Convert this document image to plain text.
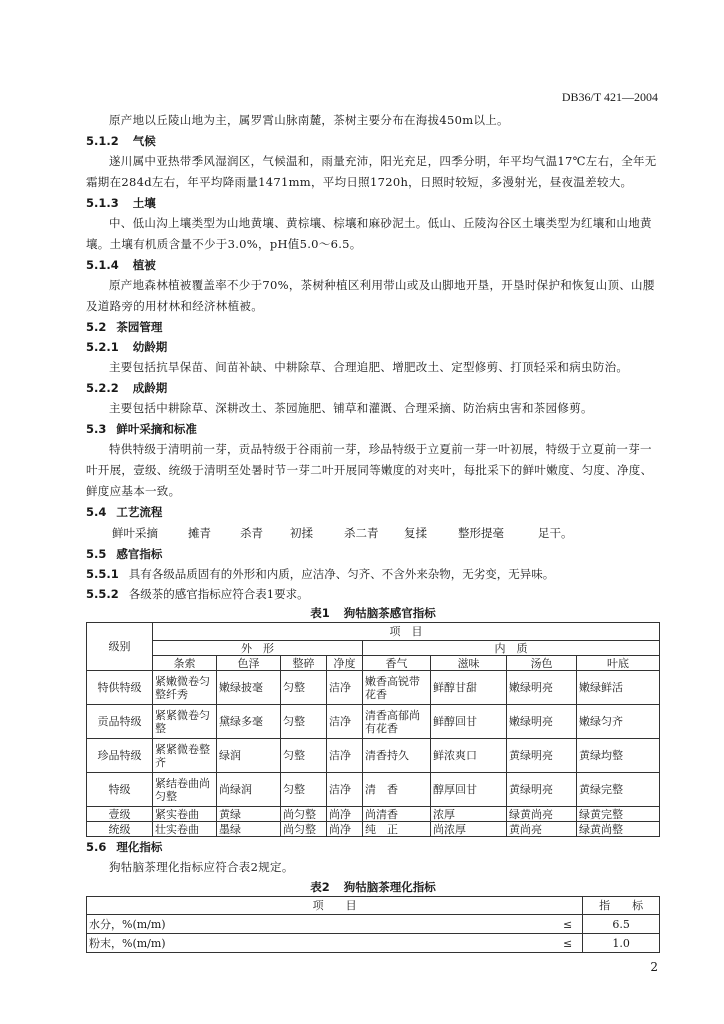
DB36/T 421—2004
原产地以丘陵山地为主，属罗霄山脉南麓，茶树主要分布在海拔450m以上。
5.1.2 气候
遂川属中亚热带季风湿润区，气候温和，雨量充沛，阳光充足，四季分明，年平均气温17℃左右，全年无霜期在284d左右，年平均降雨量1471mm，平均日照1720h，日照时较短，多漫射光，昼夜温差较大。
5.1.3 土壤
中、低山沟上壤类型为山地黄壤、黄棕壤、棕壤和麻砂泥土。低山、丘陵沟谷区土壤类型为红壤和山地黄壤。土壤有机质含量不少于3.0%，pH值5.0～6.5。
5.1.4 植被
原产地森林植被覆盖率不少于70%，茶树种植区利用带山或及山脚地开垦，开垦时保护和恢复山顶、山腰及道路旁的用材林和经济林植被。
5.2 茶园管理
5.2.1 幼龄期
主要包括抗旱保苗、间苗补缺、中耕除草、合理追肥、增肥改土、定型修剪、打顶轻采和病虫防治。
5.2.2 成龄期
主要包括中耕除草、深耕改土、茶园施肥、铺草和灌溉、合理采摘、防治病虫害和茶园修剪。
5.3 鲜叶采摘和标准
特供特级于清明前一芽，贡品特级于谷雨前一芽，珍品特级于立夏前一芽一叶初展，特级于立夏前一芽一叶开展，壹级、统级于清明至处暑时节一芽二叶开展同等嫩度的对夹叶，每批采下的鲜叶嫩度、匀度、净度、鲜度应基本一致。
5.4 工艺流程
鲜叶采摘	摊青	杀青	初揉	杀二青	复揉	整形提毫	足干。
5.5 感官指标
5.5.1 具有各级品质固有的外形和内质，应洁净、匀齐、不含外来杂物，无劣变，无异味。
5.5.2 各级茶的感官指标应符合表1要求。
表1 狗牯脑茶感官指标
级别	项　目							
	外　形				内　质			
	条索	色泽	整碎	净度	香气	滋味	汤色	叶底
特供特级	紧嫩微卷匀整纤秀	嫩绿披毫	匀整	洁净	嫩香高锐带花香	鲜醇甘甜	嫩绿明亮	嫩绿鲜活
贡品特级	紧紧微卷匀整	黛绿多毫	匀整	洁净	清香高郁尚有花香	鲜醇回甘	嫩绿明亮	嫩绿匀齐
珍品特级	紧紧微卷整齐	绿润	匀整	洁净	清香持久	鲜浓爽口	黄绿明亮	黄绿均整
特级	紧结卷曲尚匀整	尚绿润	匀整	洁净	清　香	醇厚回甘	黄绿明亮	黄绿完整
壹级	紧实卷曲	黄绿	尚匀整	尚净	尚清香	浓厚	绿黄尚亮	绿黄完整
统级	壮实卷曲	墨绿	尚匀整	尚净	纯　正	尚浓厚	黄尚亮	绿黄尚整
5.6 理化指标
狗牯脑茶理化指标应符合表2规定。
表2 狗牯脑茶理化指标
项　　目		指　　标
水分，%(m/m)	≤	6.5
粉末，%(m/m)	≤	1.0
2
